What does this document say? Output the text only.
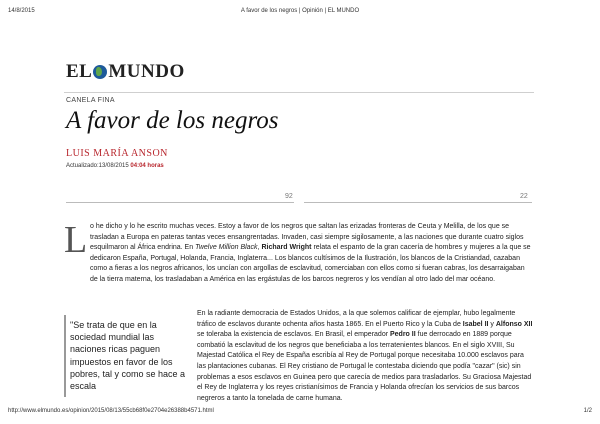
14/8/2015	A favor de los negros | Opinión | EL MUNDO
EL MUNDO
CANELA FINA
A favor de los negros
LUIS MARÍA ANSON
Actualizado:13/08/2015 04:04 horas
92	22
L o he dicho y lo he escrito muchas veces. Estoy a favor de los negros que saltan las erizadas fronteras de Ceuta y Melilla, de los que se trasladan a Europa en pateras tantas veces ensangrentadas. Invaden, casi siempre sigilosamente, a las naciones que durante cuatro siglos esquilmaron al África endrina. En Twelve Million Black, Richard Wright relata el espanto de la gran cacería de hombres y mujeres a la que se dedicaron España, Portugal, Holanda, Francia, Inglaterra... Los blancos cultísimos de la Ilustración, los blancos de la Cristiandad, cazaban como a fieras a los negros africanos, los uncían con argollas de esclavitud, comerciaban con ellos como si fueran cabras, los desarraigaban de la tierra materna, los trasladaban a América en las ergástulas de los barcos negreros y los vendían al otro lado del mar océano.
"Se trata de que en la sociedad mundial las naciones ricas paguen impuestos en favor de los pobres, tal y como se hace a escala
En la radiante democracia de Estados Unidos, a la que solemos calificar de ejemplar, hubo legalmente tráfico de esclavos durante ochenta años hasta 1865. En el Puerto Rico y la Cuba de Isabel II y Alfonso XII se toleraba la existencia de esclavos. En Brasil, el emperador Pedro II fue derrocado en 1889 porque combatió la esclavitud de los negros que beneficiaba a los terratenientes blancos. En el siglo XVIII, Su Majestad Católica el Rey de España escribía al Rey de Portugal porque necesitaba 10.000 esclavos para las plantaciones cubanas. El Rey cristiano de Portugal le contestaba diciendo que podía "cazar" (sic) sin problemas a esos esclavos en Guinea pero que carecía de medios para trasladarlos. Su Graciosa Majestad el Rey de Inglaterra y los reyes cristianísimos de Francia y Holanda ofrecían los servicios de sus barcos negreros a tanto la tonelada de carne humana.
http://www.elmundo.es/opinion/2015/08/13/55cb68f0e2704e26388b4571.html	1/2
